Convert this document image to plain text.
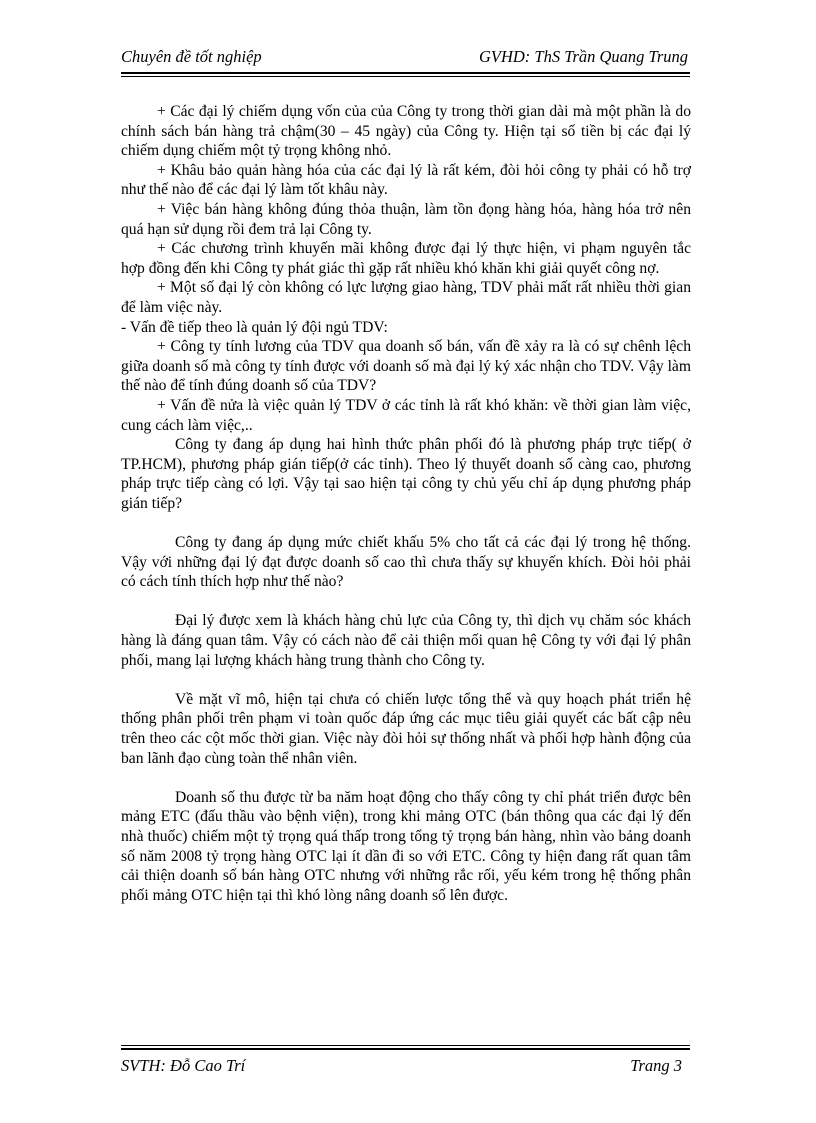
Chuyên đề tốt nghiệp	GVHD: ThS Trần Quang Trung

+ Các đại lý chiếm dụng vốn của của Công ty trong thời gian dài mà một phần là do chính sách bán hàng trả chậm(30 – 45 ngày) của Công ty. Hiện tại số tiền bị các đại lý chiếm dụng chiếm một tỷ trọng không nhỏ.

+ Khâu bảo quản hàng hóa của các đại lý là rất kém, đòi hỏi công ty phải có hỗ trợ như thế nào để các đại lý làm tốt khâu này.

+ Việc bán hàng không đúng thỏa thuận, làm tồn đọng hàng hóa, hàng hóa trở nên quá hạn sử dụng rồi đem trả lại Công ty.

+ Các chương trình khuyến mãi không được đại lý thực hiện, vi phạm nguyên tắc hợp đồng đến khi Công ty phát giác thì gặp rất nhiều khó khăn khi giải quyết công nợ.

+ Một số đại lý còn không có lực lượng giao hàng, TDV phải mất rất nhiều thời gian để làm việc này.

- Vấn đề tiếp theo là quản lý đội ngủ TDV:

+ Công ty tính lương của TDV qua doanh số bán, vấn đề xảy ra là có sự chênh lệch giữa doanh số mà công ty tính được với doanh số mà đại lý ký xác nhận cho TDV. Vậy làm thế nào để tính đúng doanh số của TDV?

+ Vấn đề nửa là việc quản lý TDV ở các tỉnh là rất khó khăn: về thời gian làm việc, cung cách làm việc,..

Công ty đang áp dụng hai hình thức phân phối đó là phương pháp trực tiếp( ở TP.HCM), phương pháp gián tiếp(ở các tỉnh). Theo lý thuyết doanh số càng cao, phương pháp trực tiếp càng có lợi. Vậy tại sao hiện tại công ty chủ yếu chỉ áp dụng phương pháp gián tiếp?

Công ty đang áp dụng mức chiết khấu 5% cho tất cả các đại lý trong hệ thống. Vậy với những đại lý đạt được doanh số cao thì chưa thấy sự khuyến khích. Đòi hỏi phải có cách tính thích hợp như thế nào?

Đại lý được xem là khách hàng chủ lực của Công ty, thì dịch vụ chăm sóc khách hàng là đáng quan tâm. Vậy có cách nào để cải thiện mối quan hệ Công ty với đại lý phân phối, mang lại lượng khách hàng trung thành cho Công ty.

Về mặt vĩ mô, hiện tại chưa có chiến lược tổng thể và quy hoạch phát triển hệ thống phân phối trên phạm vi toàn quốc đáp ứng các mục tiêu giải quyết các bất cập nêu trên theo các cột mốc thời gian. Việc này đòi hỏi sự thống nhất và phối hợp hành động của ban lãnh đạo cùng toàn thể nhân viên.

Doanh số thu được từ ba năm hoạt động cho thấy công ty chỉ phát triển được bên mảng ETC (đấu thầu vào bệnh viện), trong khi mảng OTC (bán thông qua các đại lý đến nhà thuốc) chiếm một tỷ trọng quá thấp trong tổng tỷ trọng bán hàng, nhìn vào bảng doanh số năm 2008 tỷ trọng hàng OTC lại ít dần đi so với ETC. Công ty hiện đang rất quan tâm cải thiện doanh số bán hàng OTC nhưng với những rắc rối, yếu kém trong hệ thống phân phối mảng OTC hiện tại thì khó lòng nâng doanh số lên được.

SVTH: Đỗ Cao Trí	Trang 3
